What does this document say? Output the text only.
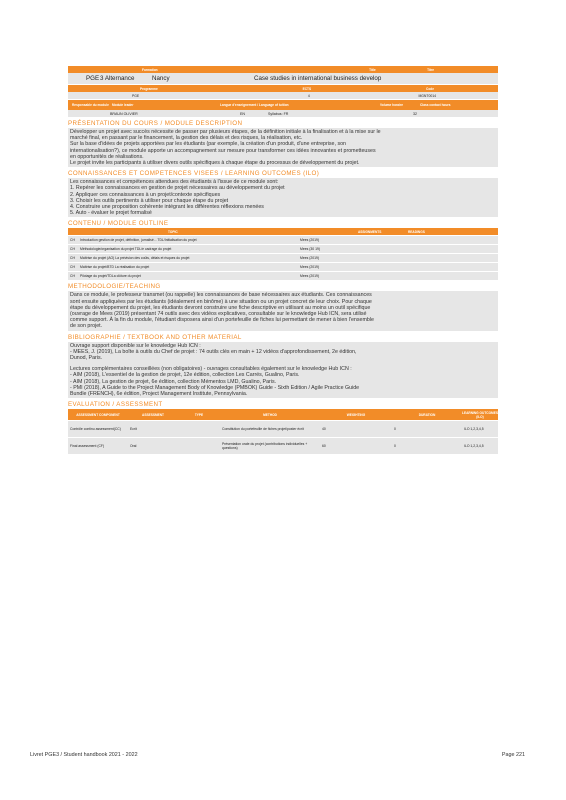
Formation	Title	Titre
PGE 3 Alternance	Nancy	Case studies in international business develop
Programme	ECTS	Code
PGE	4	MGNT0014
Responsable du module Module leader	Langue d'enseignement / Language of tuition	Volume horaire	Class contact hours
BRAUN OLIVIER	EN	Syllabus: FR	32
PRÉSENTATION DU COURS / MODULE DESCRIPTION

Développer un projet avec succès nécessite de passer par plusieurs étapes, de la définition initiale à la finalisation et à la mise sur le

marché final, en passant par le financement, la gestion des délais et des risques, la réalisation, etc.

Sur la base d'idées de projets apportées par les étudiants (par exemple, la création d'un produit, d'une entreprise, son

internationalisation?), ce module apporte un accompagnement sur mesure pour transformer ces idées innovantes et prometteuses

en opportunités de réalisations.

Le projet invite les participants à utiliser divers outils spécifiques à chaque étape du processus de développement du projet.

CONNAISSANCES ET COMPETENCES VISEES / LEARNING OUTCOMES (ILO)

Les connaissances et compétences attendues des étudiants à l'issue de ce module sont:

1. Repérer les connaissances en gestion de projet nécessaires au développement du projet

2. Appliquer ces connaissances à un projet/contexte spécifiques

3. Choisir les outils pertinents à utiliser pour chaque étape du projet

4. Construire une proposition cohérente intégrant les différentes réflexions menées

5. Auto - évaluer le projet formalisé

CONTENU / MODULE OUTLINE
TOPIC	ASSIGNMENTS	READINGS
CH	Introduction gestion de projet, définition, jurnalisé... TDL/Initialisation du projet	Mees (2019)
CH	Méthodologie/organisation du projet TDL/e cadrage du projet	Mees (30 19)
CH	Maîtrise du projet (AO) La prévision des coûts, délais et risques du projet	Mees (2019)
CH	Maîtrise du projet/BTD La réalisation du projet	Mees (2019)
CH	Pilotage du projet/TDLa clôture du projet	Mees (2019)
METHODOLOGIE/TEACHING

Dans ce module, le professeur transmet (ou rappelle) les connaissances de base nécessaires aux étudiants. Ces connaissances

sont ensuite appliquées par les étudiants (idéalement en binôme) à une situation ou un projet concret de leur choix. Pour chaque

étape du développement du projet, les étudiants devront construire une fiche descriptive en utilisant au moins un outil spécifique

(ouvrage de Mees (2019) présentant 74 outils avec des vidéos explicatives, consultable sur le knowledge Hub ICN, sera utilisé

comme support. À la fin du module, l'étudiant disposera ainsi d'un portefeuille de fiches lui permettant de mener à bien l'ensemble

de son projet.

BIBLIOGRAPHIE / TEXTBOOK AND OTHER MATERIAL

Ouvrage support disponible sur le knowledge Hub ICN :

- MEES, J. (2019), La boîte à outils du Chef de projet : 74 outils clés en main + 12 vidéos d'approfondissement, 2e édition,

Dunod, Paris.

Lectures complémentaires conseillées (non obligatoires) - ouvrages consultables également sur le knowledge Hub ICN :

- AIM (2018), L'essentiel de la gestion de projet, 12e édition, collection Les Carrés, Gualino, Paris.

- AIM (2018), La gestion de projet, 6e édition, collection Mémentos LMD, Gualino, Paris.

- PMI (2018), A Guide to the Project Management Body of Knowledge (PMBOK) Guide - Sixth Edition / Agile Practice Guide

Bundle (FRENCH), 6e édition, Project Management Institute, Pennsylvania.

EVALUATION / ASSESSMENT
ASSESSMENT COMPONENT	ASSESSMENT	TYPE	METHOD	WEIGHTING	DURATION	LEARNING OUTCOMES (ILO)
Contrôle continu assessment(CC)	Ecrit	Constitution du portefeuille de fiches projet/poster écrit	40	0	ILO 1,2,3,4,5
Final assessment (CF)	Oral	Présentation orale du projet (contributions individuelles + questions)	60	0	ILO 1,2,3,4,5
Livret PGE3 / Student handbook 2021 - 2022	Page 221
